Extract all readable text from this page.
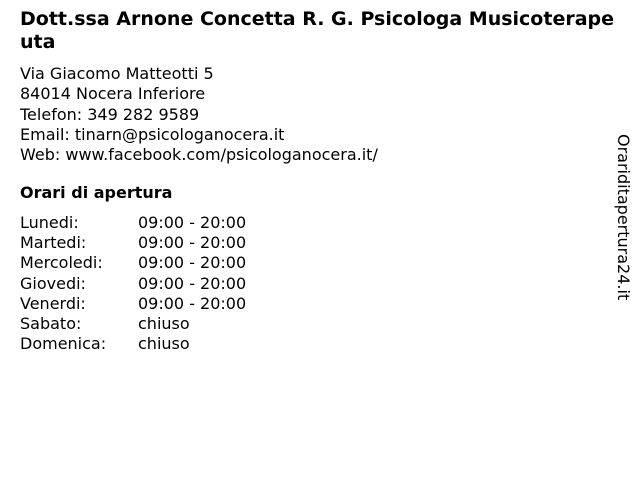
Dott.ssa Arnone Concetta R. G. Psicologa Musicoterapeuta
Via Giacomo Matteotti 5
84014 Nocera Inferiore
Telefon: 349 282 9589
Email: tinarn@psicologanocera.it
Web: www.facebook.com/psicologanocera.it/
Orari di apertura
Lunedi:	09:00 - 20:00
Martedi:	09:00 - 20:00
Mercoledi:	09:00 - 20:00
Giovedi:	09:00 - 20:00
Venerdi:	09:00 - 20:00
Sabato:	chiuso
Domenica:	chiuso
Orariditapertura24.it
